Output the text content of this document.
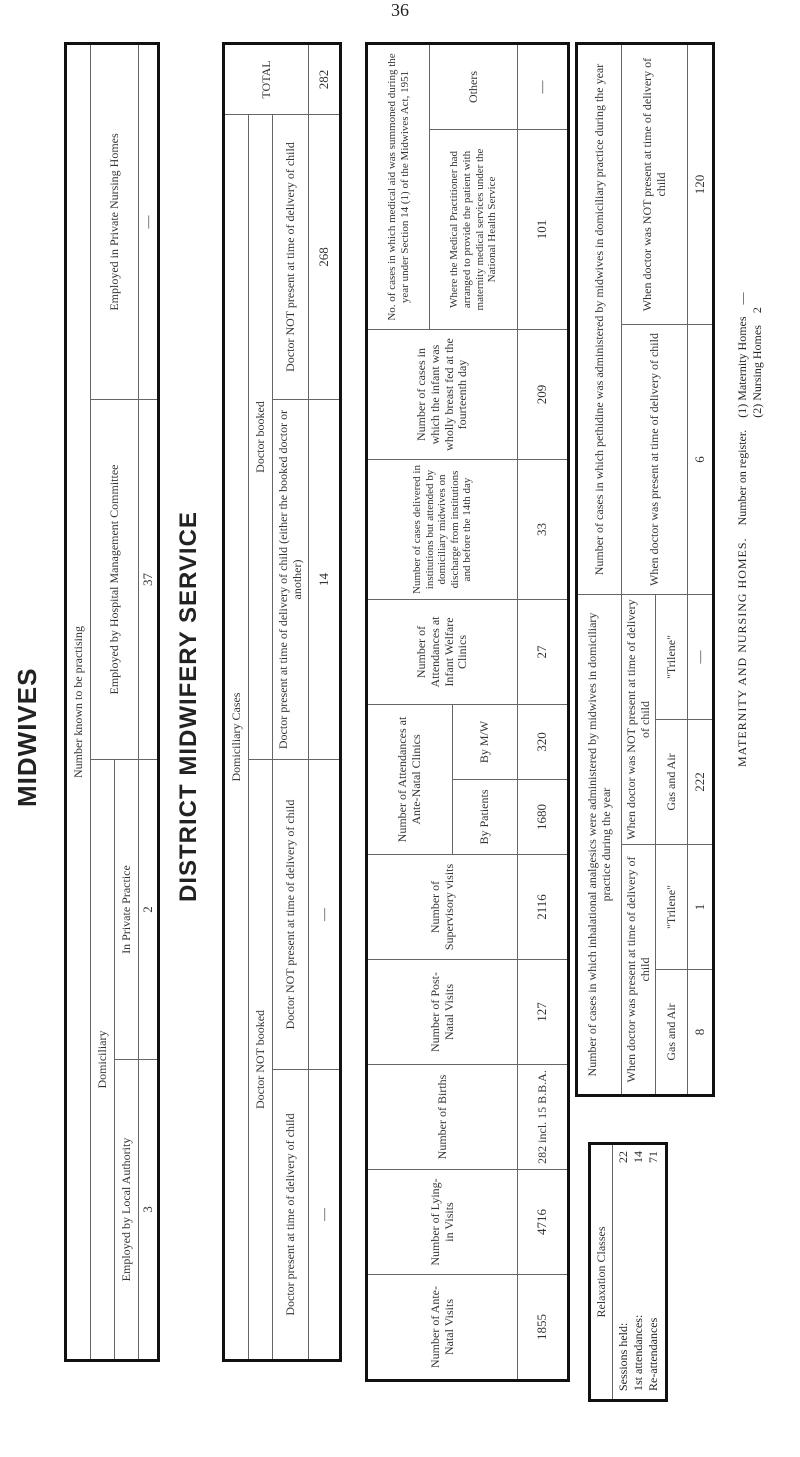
36
MIDWIVES Number known to be practising
Domiciliary
Employed by Local Authority
In Private Practice
Employed by Hospital Management Committee
Employed in Private Nursing Homes
3
2
37
—
DISTRICT MIDWIFERY SERVICE Domiciliary Cases
TOTAL
Doctor NOT booked
Doctor booked
Doctor present at time of delivery of child
Doctor NOT present at time of delivery of child
Doctor present at time of delivery of child (either the booked doctor or another)
Doctor NOT present at time of delivery of child
—
—
14
268
282
Number of Ante-Natal Visits
Number of Lying-in Visits
Number of Births
Number of Post-Natal Visits
Number of Supervisory visits
Number of Attendances at Ante-Natal Clinics	By Patients
By M/W
Number of Attendances at Infant Welfare Clinics
Number of cases delivered in institutions but attended by domiciliary midwives on discharge from institutions and before the 14th day
Number of cases in which the infant was wholly breast fed at the fourteenth day
No. of cases in which medical aid was summoned during the year under Section 14 (1) of the Midwives Act, 1951	Where the Medical Practitioner had arranged to provide the patient with maternity medical services under the National Health Service
Others
1855
4716
282 incl. 15 B.B.A.
127
2116
1680
320
27
33
209
101
—
Relaxation Classes
Sessions held:
22
1st attendances:
14
Re-attendances
71
Number of cases in which inhalational analgesics were administered by midwives in domiciliary practice during the year
Number of cases in which pethidine was administered by midwives in domiciliary practice during the year
When doctor was present at time of delivery of child
When doctor was NOT present at time of delivery of child
When doctor was present at time of delivery of child
When doctor was NOT present at time of delivery of child
Gas and Air
"Trilene"
Gas and Air
"Trilene"
8
1
222
—
6
120
MATERNITY AND NURSING HOMES.
Number on register.
(1) Maternity Homes
—
(2) Nursing Homes
2
